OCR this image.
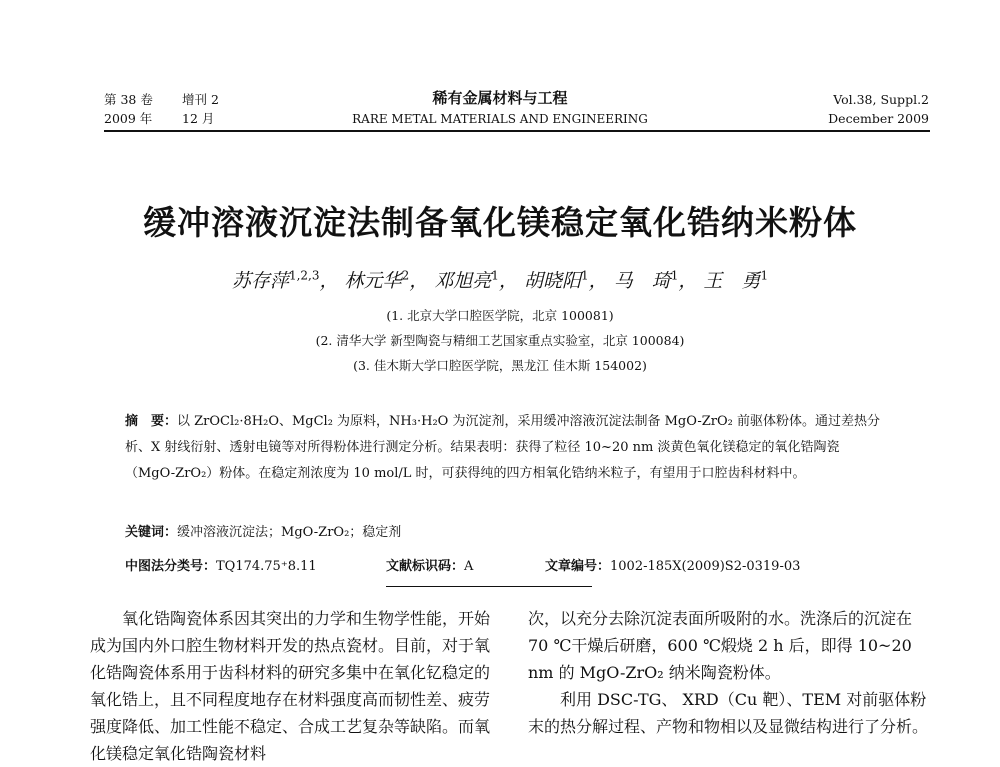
第 38 卷 增刊 2
2009 年 12 月
稀有金属材料与工程
RARE METAL MATERIALS AND ENGINEERING
Vol.38, Suppl.2
December 2009
缓冲溶液沉淀法制备氧化镁稳定氧化锆纳米粉体
苏存萍$^{1,2,3}$， 林元华$^2$， 邓旭亮$^1$， 胡晓阳$^1$， 马　琦$^1$， 王　勇$^1$
(1. 北京大学口腔医学院，北京 100081)
(2. 清华大学 新型陶瓷与精细工艺国家重点实验室，北京 100084)
(3. 佳木斯大学口腔医学院，黑龙江 佳木斯 154002)
摘　要：以 ZrOCl₂·8H₂O、MgCl₂ 为原料，NH₃·H₂O 为沉淀剂，采用缓冲溶液沉淀法制备 MgO-ZrO₂ 前驱体粉体。通过差热分析、X 射线衍射、透射电镜等对所得粉体进行测定分析。结果表明：获得了粒径 10~20 nm 淡黄色氧化镁稳定的氧化锆陶瓷（MgO-ZrO₂）粉体。在稳定剂浓度为 10 mol/L 时，可获得纯的四方相氧化锆纳米粒子，有望用于口腔齿科材料中。
关键词：缓冲溶液沉淀法；MgO-ZrO₂；稳定剂
中图法分类号：TQ174.75⁺8.11	文献标识码：A	文章编号：1002-185X(2009)S2-0319-03

氧化锆陶瓷体系因其突出的力学和生物学性能，开始成为国内外口腔生物材料开发的热点瓷材。目前，对于氧化锆陶瓷体系用于齿科材料的研究多集中在氧化钇稳定的氧化锆上，且不同程度地存在材料强度高而韧性差、疲劳强度降低、加工性能不稳定、合成工艺复杂等缺陷。而氧化镁稳定氧化锆陶瓷材料

次，以充分去除沉淀表面所吸附的水。洗涤后的沉淀在 70 ℃干燥后研磨，600 ℃煅烧 2 h 后，即得 10~20 nm 的 MgO-ZrO₂ 纳米陶瓷粉体。

利用 DSC-TG、 XRD（Cu 靶）、TEM 对前驱体粉末的热分解过程、产物和物相以及显微结构进行了分析。
